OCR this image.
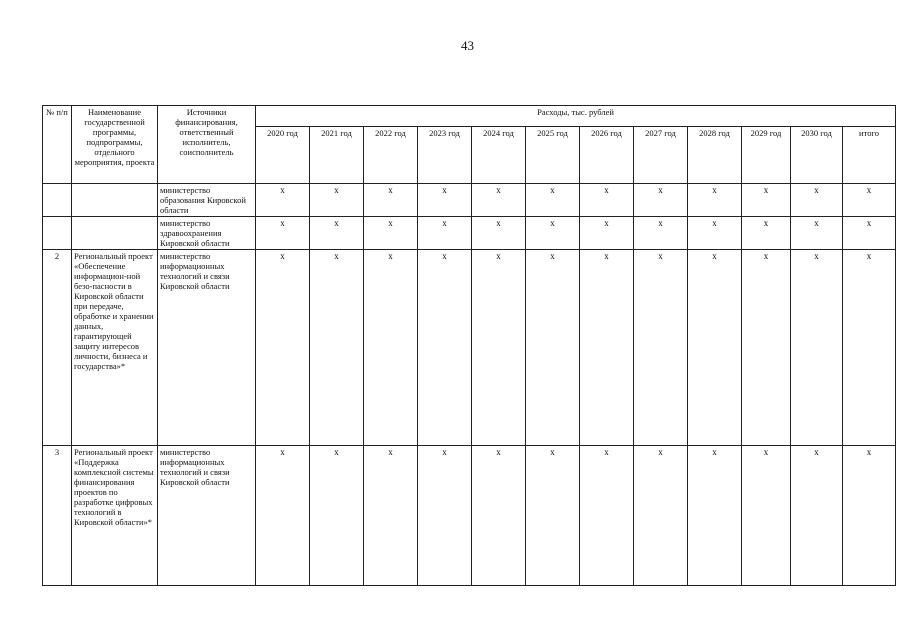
43
№ п/п	Наименование государственной программы, подпрограммы, отдельного мероприятия, проекта	Источники финансирования, ответственный исполнитель, соисполнитель	Расходы, тыс. рублей											
			2020 год	2021 год	2022 год	2023 год	2024 год	2025 год	2026 год	2027 год	2028 год	2029 год	2030 год	итого
		министерство образования Кировской области	x	x	x	x	x	x	x	x	x	x	x	x
		министерство здравоохранения Кировской области	x	x	x	x	x	x	x	x	x	x	x	x
2	Региональный проект «Обеспечение информацион-ной безо-пасности в Кировской области при передаче, обработке и хранении данных, гарантирующей защиту интересов личности, бизнеса и государства»*	министерство информационных технологий и связи Кировской области	x	x	x	x	x	x	x	x	x	x	x	x
3	Региональный проект «Поддержка комплексной системы финансирования проектов по разработке цифровых технологий в Кировской области»*	министерство информационных технологий и связи Кировской области	x	x	x	x	x	x	x	x	x	x	x	x
